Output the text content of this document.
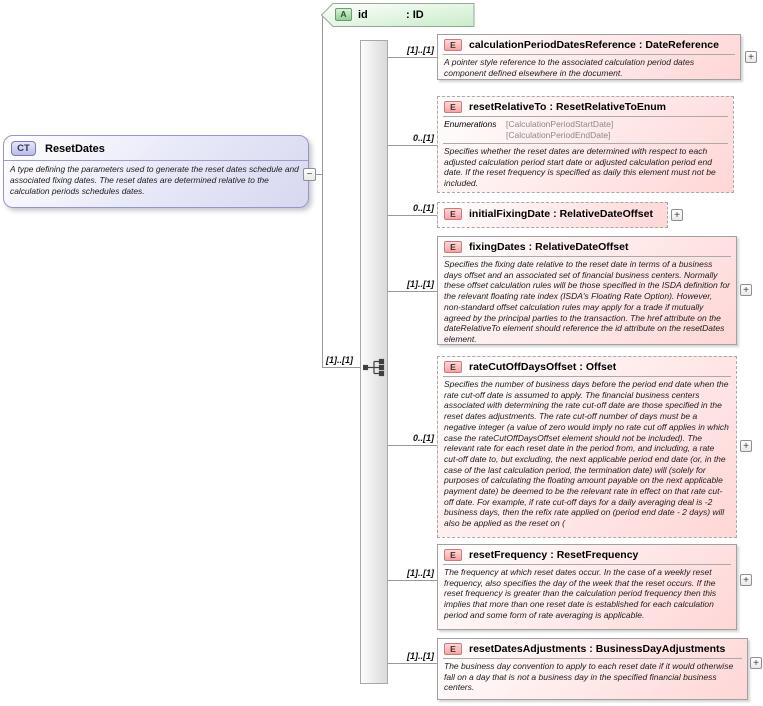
[1]..[1]
[1]..[1]
0..[1]
0..[1]
[1]..[1]
0..[1]
[1]..[1]
[1]..[1]
A	id	: ID
CT	ResetDates
A type defining the parameters used to generate the reset dates schedule and associated fixing dates. The reset dates are determined relative to the calculation periods schedules dates.
−
E	calculationPeriodDatesReference : DateReference
A pointer style reference to the associated calculation period dates component defined elsewhere in the document.
+
E	resetRelativeTo : ResetRelativeToEnum
Enumerations	[CalculationPeriodStartDate]
[CalculationPeriodEndDate]
Specifies whether the reset dates are determined with respect to each adjusted calculation period start date or adjusted calculation period end date. If the reset frequency is specified as daily this element must not be included.
E	initialFixingDate : RelativeDateOffset	+
E	fixingDates : RelativeDateOffset
Specifies the fixing date relative to the reset date in terms of a business days offset and an associated set of financial business centers. Normally these offset calculation rules will be those specified in the ISDA definition for the relevant floating rate index (ISDA's Floating Rate Option). However, non-standard offset calculation rules may apply for a trade if mutually agreed by the principal parties to the transaction. The href attribute on the dateRelativeTo element should reference the id attribute on the resetDates element.
+
E	rateCutOffDaysOffset : Offset
Specifies the number of business days before the period end date when the rate cut-off date is assumed to apply. The financial business centers associated with determining the rate cut-off date are those specified in the reset dates adjustments. The rate cut-off number of days must be a negative integer (a value of zero would imply no rate cut off applies in which case the rateCutOffDaysOffset element should not be included). The relevant rate for each reset date in the period from, and including, a rate cut-off date to, but excluding, the next applicable period end date (or, in the case of the last calculation period, the termination date) will (solely for purposes of calculating the floating amount payable on the next applicable payment date) be deemed to be the relevant rate in effect on that rate cut-off date. For example, if rate cut-off days for a daily averaging deal is -2 business days, then the refix rate applied on (period end date - 2 days) will also be applied as the reset on (
+
E	resetFrequency : ResetFrequency
The frequency at which reset dates occur. In the case of a weekly reset frequency, also specifies the day of the week that the reset occurs. If the reset frequency is greater than the calculation period frequency then this implies that more than one reset date is established for each calculation period and some form of rate averaging is applicable.
+
E	resetDatesAdjustments : BusinessDayAdjustments
The business day convention to apply to each reset date if it would otherwise fall on a day that is not a business day in the specified financial business centers.
+
